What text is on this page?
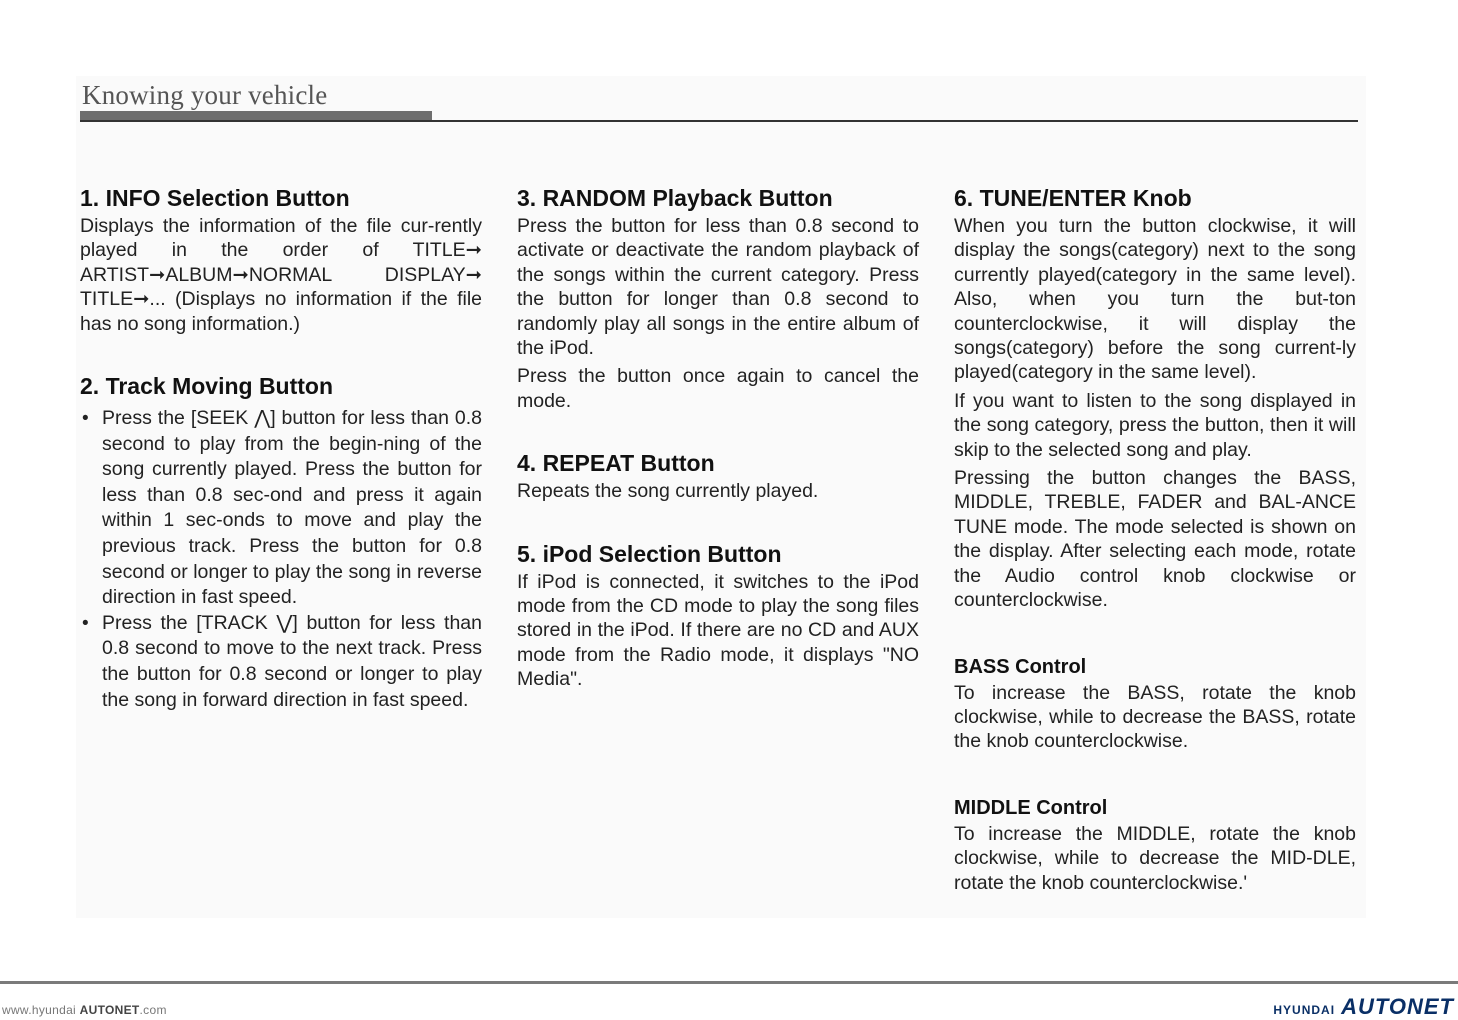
Knowing your vehicle
1. INFO Selection Button

Displays the information of the file cur-rently played in the order of TITLE➞ ARTIST➞ALBUM➞NORMAL DISPLAY➞ TITLE➞... (Displays no information if the file has no song information.)

2. Track Moving Button

• Press the [SEEK ⋀] button for less than 0.8 second to play from the begin-ning of the song currently played. Press the button for less than 0.8 sec-ond and press it again within 1 sec-onds to move and play the previous track. Press the button for 0.8 second or longer to play the song in reverse direction in fast speed.

• Press the [TRACK ⋁] button for less than 0.8 second to move to the next track. Press the button for 0.8 second or longer to play the song in forward direction in fast speed.

3. RANDOM Playback Button

Press the button for less than 0.8 second to activate or deactivate the random playback of the songs within the current category. Press the button for longer than 0.8 second to randomly play all songs in the entire album of the iPod.

Press the button once again to cancel the mode.

4. REPEAT Button

Repeats the song currently played.

5. iPod Selection Button

If iPod is connected, it switches to the iPod mode from the CD mode to play the song files stored in the iPod. If there are no CD and AUX mode from the Radio mode, it displays "NO Media".

6. TUNE/ENTER Knob

When you turn the button clockwise, it will display the songs(category) next to the song currently played(category in the same level). Also, when you turn the but-ton counterclockwise, it will display the songs(category) before the song current-ly played(category in the same level).

If you want to listen to the song displayed in the song category, press the button, then it will skip to the selected song and play.

Pressing the button changes the BASS, MIDDLE, TREBLE, FADER and BAL-ANCE TUNE mode. The mode selected is shown on the display. After selecting each mode, rotate the Audio control knob clockwise or counterclockwise.

BASS Control

To increase the BASS, rotate the knob clockwise, while to decrease the BASS, rotate the knob counterclockwise.

MIDDLE Control

To increase the MIDDLE, rotate the knob clockwise, while to decrease the MID-DLE, rotate the knob counterclockwise.'

www.hyundai AUTONET.com	HYUNDAI AUTONET
